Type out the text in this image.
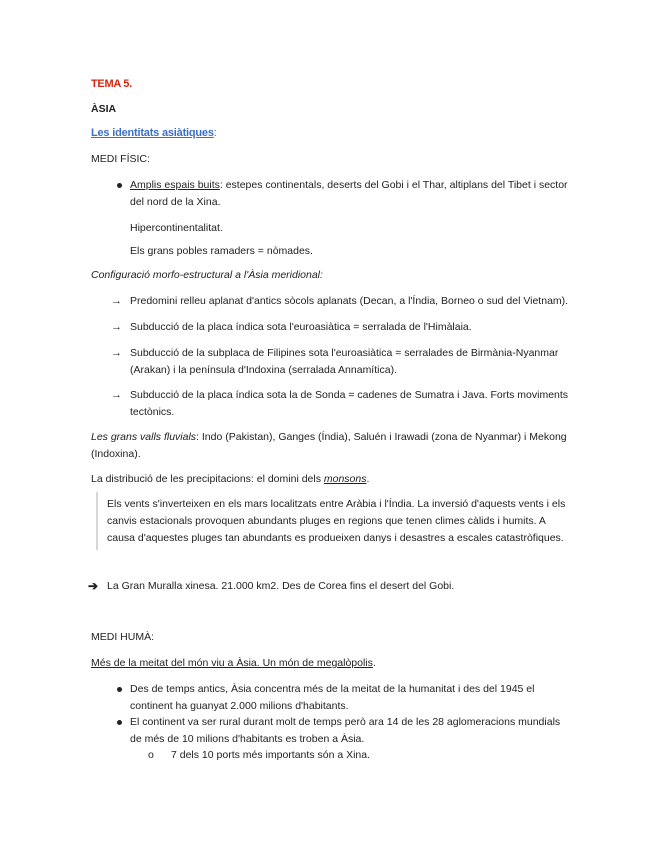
TEMA 5.
ÀSIA
Les identitats asiàtiques:
MEDI FÍSIC:
Amplis espais buits: estepes continentals, deserts del Gobi i el Thar, altiplans del Tibet i sector
del nord de la Xina.
Hipercontinentalitat.
Els grans pobles ramaders = nòmades.
Configuració morfo-estructural a l'Àsia meridional:
→ Predomini relleu aplanat d'antics sòcols aplanats (Decan, a l'Índia, Borneo o sud del Vietnam).
→ Subducció de la placa índica sota l'euroasiàtica = serralada de l'Himàlaia.
→ Subducció de la subplaca de Filipines sota l'euroasiàtica = serralades de Birmània-Nyanmar
(Arakan) i la península d'Indoxina (serralada Annamítica).
→ Subducció de la placa índica sota la de Sonda = cadenes de Sumatra i Java. Forts moviments
tectònics.
Les grans valls fluvials: Indo (Pakistan), Ganges (Índia), Saluén i Irawadi (zona de Nyanmar) i Mekong
(Indoxina).
La distribució de les precipitacions: el domini dels monsons.
Els vents s'inverteixen en els mars localitzats entre Aràbia i l'Índia. La inversió d'aquests vents i els
canvis estacionals provoquen abundants pluges en regions que tenen climes càlids i humits. A
causa d'aquestes pluges tan abundants es produeixen danys i desastres a escales catastròfiques.
➔ La Gran Muralla xinesa. 21.000 km2. Des de Corea fins el desert del Gobi.
MEDI HUMÀ:
Més de la meitat del món viu a Àsia. Un món de megalòpolis.
Des de temps antics, Àsia concentra més de la meitat de la humanitat i des del 1945 el
continent ha guanyat 2.000 milions d'habitants.
El continent va ser rural durant molt de temps però ara 14 de les 28 aglomeracions mundials
de més de 10 milions d'habitants es troben a Àsia.
o 7 dels 10 ports més importants són a Xina.
